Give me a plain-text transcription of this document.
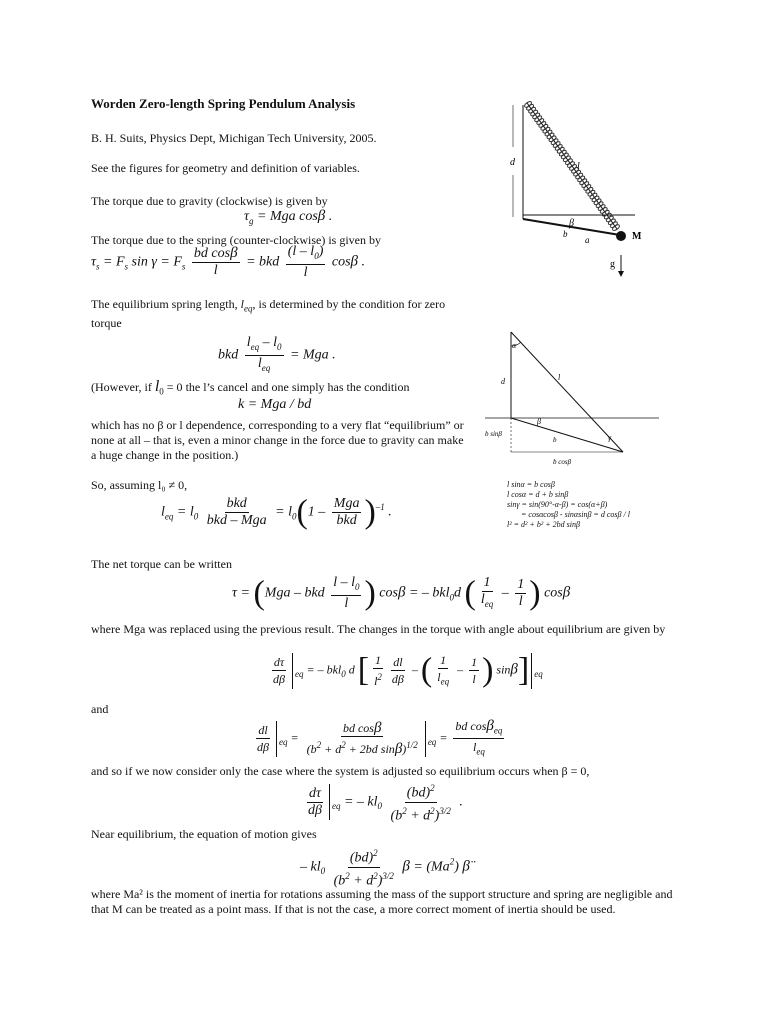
Worden Zero-length Spring Pendulum Analysis
B. H. Suits, Physics Dept, Michigan Tech University, 2005.
See the figures for geometry and definition of variables.
The torque due to gravity (clockwise) is given by
$\tau_g$ = Mga cosβ .
The torque due to the spring (counter-clockwise) is given by
$\tau_s = F_s$ $\sin \gamma = F_s \frac{\text{bd cosβ}}{l}$ = bkd $\frac{(l - l_0)}{l}$ cosβ .
The equilibrium spring length, $l_{eq}$, is determined by the condition for zero torque
bkd $\frac{l_{eq} - l_0}{l_{eq}}$ = Mga .
(However, if $l_0 = 0$ the l’s cancel and one simply has the condition
k = Mga / bd
which has no β or l dependence, corresponding to a very flat “equilibrium” or none at all – that is, even a minor change in the force due to gravity can make a huge change in the position.)
So, assuming l₀ ≠ 0,
$l_{eq} = l_0 \frac{\text{bkd}}{\text{bkd – Mga}} = l_0(1 - \frac{\text{Mga}}{\text{bkd}} )^{-1}$ .
The net torque can be written
τ = (Mga – bkd $\frac{l - l_0}{l}$ ) cosβ = – bkl$_0$d ( $\frac{1}{l_{eq}} - \frac{1}{l}$ ) cosβ
where Mga was replaced using the previous result. The changes in the torque with angle about equilibrium are given by
$\frac{d\tau}{d\beta} _{eq}$ = – bkl$_0$ d [ $\frac{1}{l^2} \frac{dl}{d\beta}$ – ( $\frac{1}{l_{eq}} - \frac{1}{l}$ ) sinβ] $_{eq}$
and
$\frac{dl}{d\beta} _{eq} = \frac{\text{bd cosβ}}{(b^2 + d^2 + 2bd \sin\beta)^{1/2}} _{eq} = \frac{bd \cos\beta_{eq}}{l_{eq}}$
and so if we now consider only the case where the system is adjusted so equilibrium occurs when β = 0,
$\frac{d\tau}{d\beta} _{eq}$ = – $kl_0 \frac{(bd)^2}{(b^2 + d^2)^{3/2}}$ .
Near equilibrium, the equation of motion gives
– $kl_0 \frac{(bd)^2}{(b^2 + d^2)^{3/2}}$ $\beta = (Ma^2)$ β̈
where Ma² is the moment of inertia for rotations assuming the mass of the support structure and spring are negligible and that M can be treated as a point mass. If that is not the case, a more correct moment of inertia should be used.
d	l
β
b
a	M
g
α
d	l
β
γ
b sinβ
b
b cosβ
l sinα = b cosβ
l cosα = d + b sinβ
sinγ = sin(90°-α-β) = cos(α+β)
= cosαcosβ - sinαsinβ = d cosβ / l
l² = d² + b² + 2bd sinβ
